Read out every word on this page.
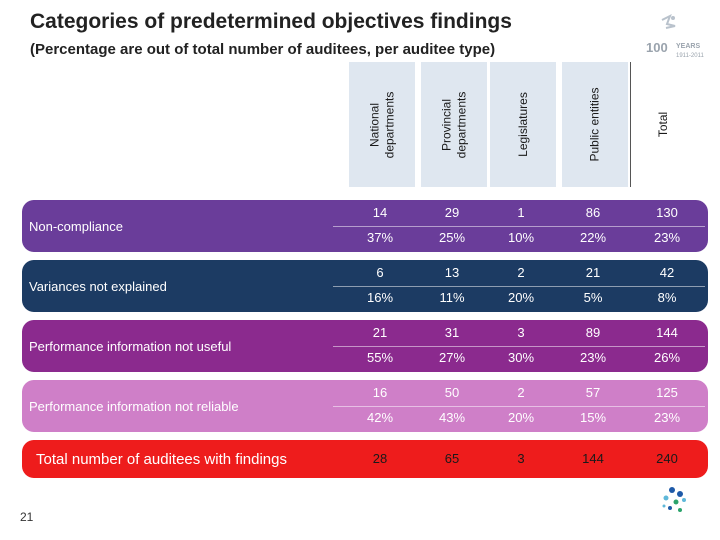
Categories of predetermined objectives findings
(Percentage are out of total number of auditees, per auditee type)	100 YEARS
1911-2011
National
departments	Provincial
departments	Legislatures	Public entities	Total
Non-compliance
14	29	1	86	130
37%	25%	10%	22%	23%
Variances not explained
6	13	2	21	42
16%	11%	20%	5%	8%
Performance information not useful
21	31	3	89	144
55%	27%	30%	23%	26%
Performance information not reliable
16	50	2	57	125
42%	43%	20%	15%	23%
Total number of auditees with findings	28	65	3	144	240
21
